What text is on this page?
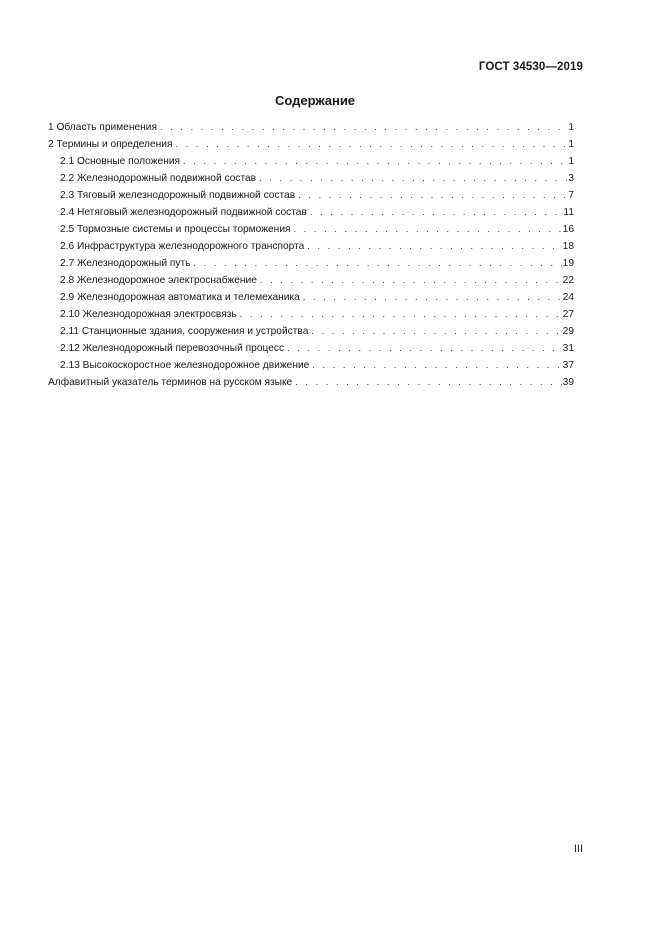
ГОСТ 34530—2019
Содержание
1 Область применения . . .	1
2 Термины и определения . . .	1
2.1 Основные положения . . .	1
2.2 Железнодорожный подвижной состав . . .	3
2.3 Тяговый железнодорожный подвижной состав . . .	7
2.4 Нетяговый железнодорожный подвижной состав . . .	11
2.5 Тормозные системы и процессы торможения . . .	16
2.6 Инфраструктура железнодорожного транспорта . . .	18
2.7 Железнодорожный путь . . .	19
2.8 Железнодорожное электроснабжение . . .	22
2.9 Железнодорожная автоматика и телемеханика . . .	24
2.10 Железнодорожная электросвязь . . .	27
2.11 Станционные здания, сооружения и устройства . . .	29
2.12 Железнодорожный перевозочный процесс . . .	31
2.13 Высокоскоростное железнодорожное движение . . .	37
Алфавитный указатель терминов на русском языке . . .	39
III
